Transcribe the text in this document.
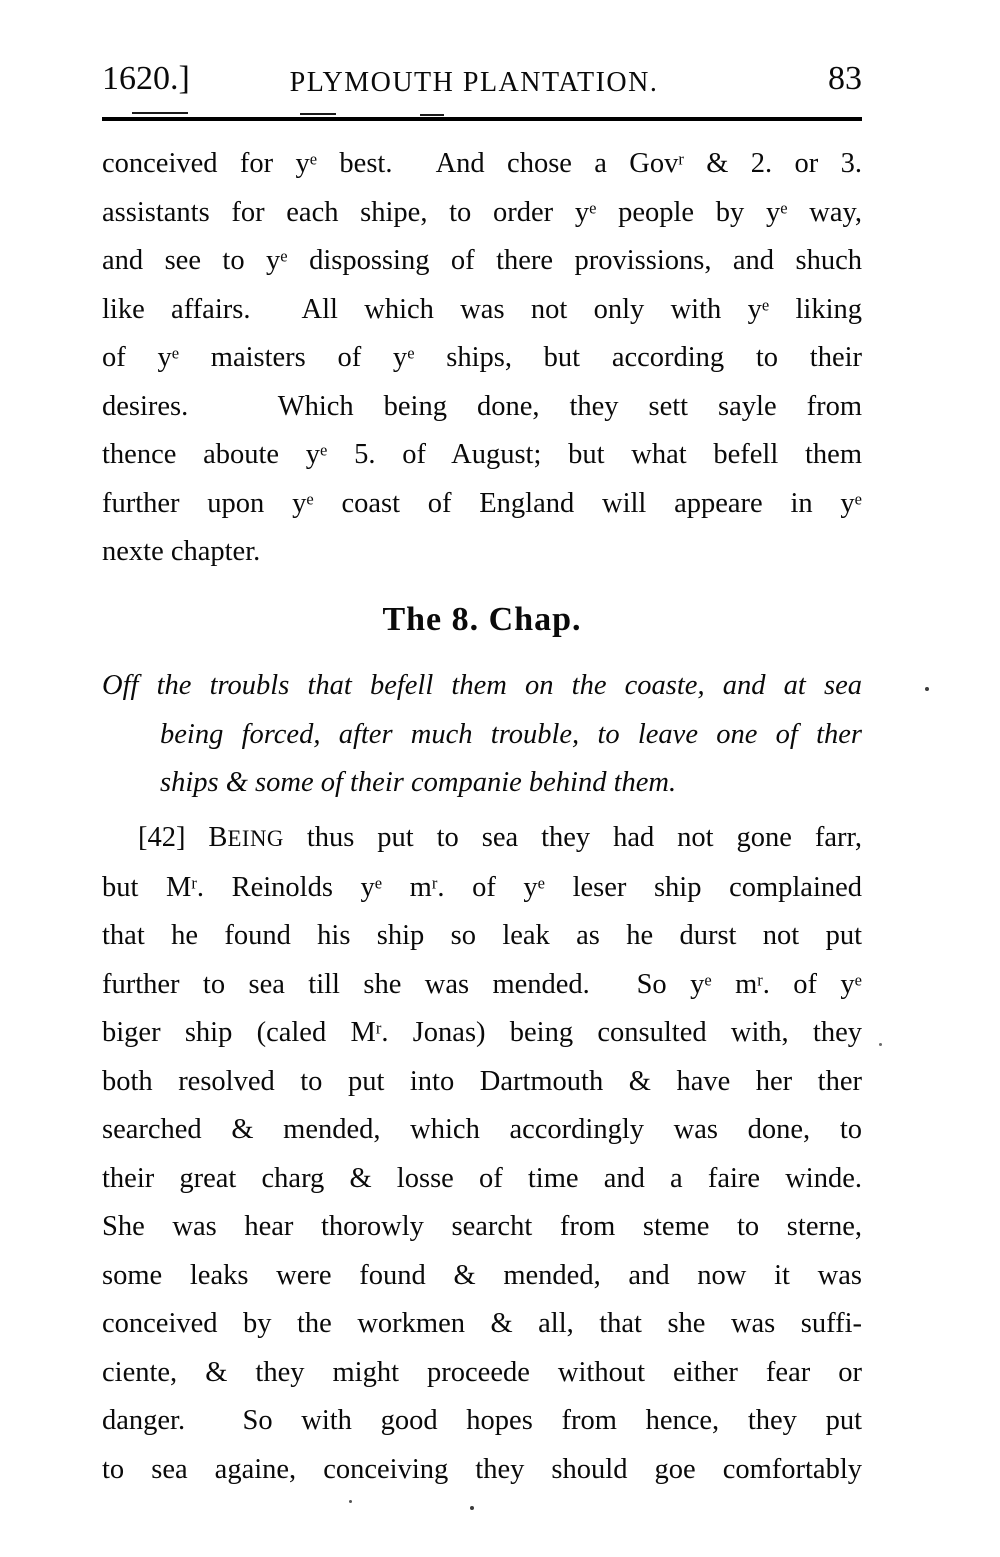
1620.]	PLYMOUTH PLANTATION.	83
conceived for $y^e$ best.  And chose a Gov$^r$ & 2. or 3.
assistants for each shipe, to order $y^e$ people by $y^e$ way,
and see to $y^e$ dispossing of there provissions, and shuch
like affairs.  All which was not only with $y^e$ liking
of $y^e$ maisters of $y^e$ ships, but according to their
desires.   Which being done, they sett sayle from
thence aboute $y^e$ 5. of August; but what befell them
further upon $y^e$ coast of England will appeare in $y^e$
nexte chapter.
The 8. Chap.
Off the troubls that befell them on the coaste, and at sea
being forced, after much trouble, to leave one of ther
ships & some of their companie behind them.
[42] BEING thus put to sea they had not gone farr,
but $M^r$. Reinolds $y^e$ $m^r$. of $y^e$ leser ship complained
that he found his ship so leak as he durst not put
further to sea till she was mended.  So $y^e$ $m^r$. of $y^e$
biger ship (caled $M^r$. Jonas) being consulted with, they
both resolved to put into Dartmouth & have her ther
searched & mended, which accordingly was done, to
their great charg & losse of time and a faire winde.
She was hear thorowly searcht from steme to sterne,
some leaks were found & mended, and now it was
conceived by the workmen & all, that she was suffi-
ciente, & they might proceede without either fear or
danger.  So with good hopes from hence, they put
to sea againe, conceiving they should goe comfortably
